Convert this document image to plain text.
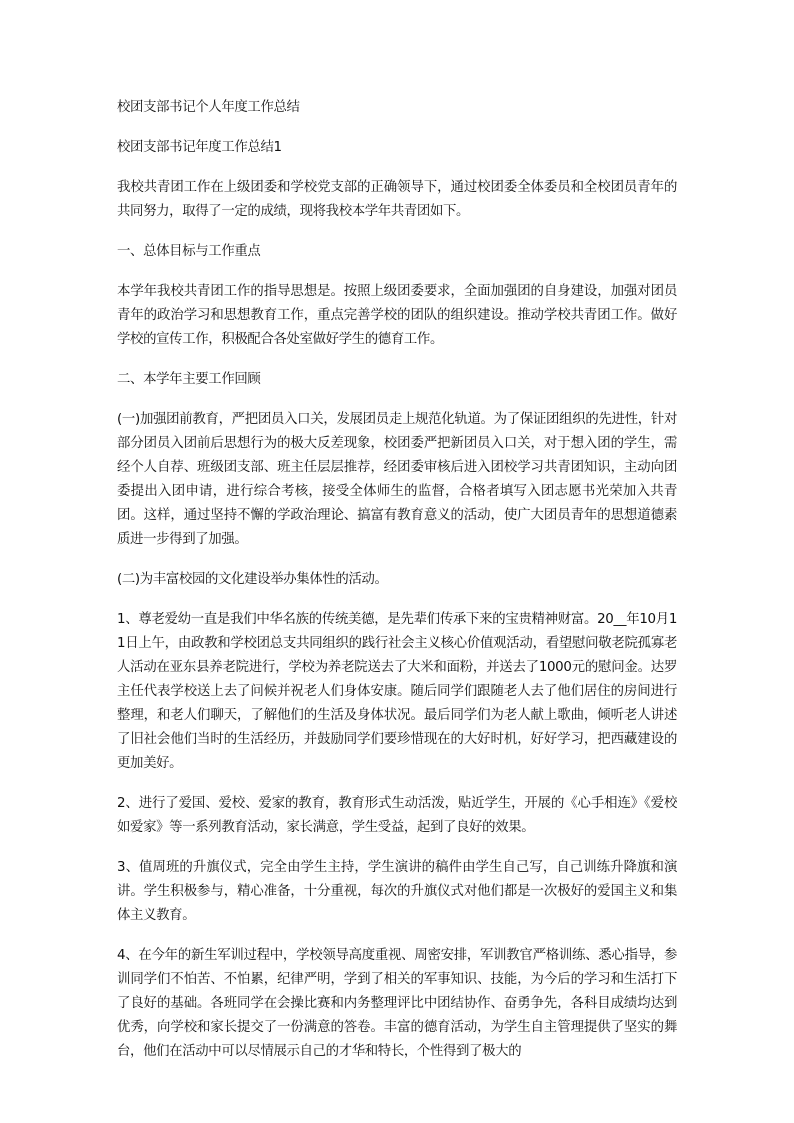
校团支部书记个人年度工作总结

校团支部书记年度工作总结1

我校共青团工作在上级团委和学校党支部的正确领导下，通过校团委全体委员和全校团员青年的共同努力，取得了一定的成绩，现将我校本学年共青团如下。

一、总体目标与工作重点

本学年我校共青团工作的指导思想是。按照上级团委要求，全面加强团的自身建设，加强对团员青年的政治学习和思想教育工作，重点完善学校的团队的组织建设。推动学校共青团工作。做好学校的宣传工作，积极配合各处室做好学生的德育工作。

二、本学年主要工作回顾

(一)加强团前教育，严把团员入口关，发展团员走上规范化轨道。为了保证团组织的先进性，针对部分团员入团前后思想行为的极大反差现象，校团委严把新团员入口关，对于想入团的学生，需经个人自荐、班级团支部、班主任层层推荐，经团委审核后进入团校学习共青团知识，主动向团委提出入团申请，进行综合考核，接受全体师生的监督，合格者填写入团志愿书光荣加入共青团。这样，通过坚持不懈的学政治理论、搞富有教育意义的活动，使广大团员青年的思想道德素质进一步得到了加强。

(二)为丰富校园的文化建设举办集体性的活动。

1、尊老爱幼一直是我们中华名族的传统美德，是先辈们传承下来的宝贵精神财富。20__年10月11日上午，由政教和学校团总支共同组织的践行社会主义核心价值观活动，看望慰问敬老院孤寡老人活动在亚东县养老院进行，学校为养老院送去了大米和面粉，并送去了1000元的慰问金。达罗主任代表学校送上去了问候并祝老人们身体安康。随后同学们跟随老人去了他们居住的房间进行整理，和老人们聊天，了解他们的生活及身体状况。最后同学们为老人献上歌曲，倾听老人讲述了旧社会他们当时的生活经历，并鼓励同学们要珍惜现在的大好时机，好好学习，把西藏建设的更加美好。

2、进行了爱国、爱校、爱家的教育，教育形式生动活泼，贴近学生，开展的《心手相连》《爱校如爱家》等一系列教育活动，家长满意，学生受益，起到了良好的效果。

3、值周班的升旗仪式，完全由学生主持，学生演讲的稿件由学生自己写，自己训练升降旗和演讲。学生积极参与，精心准备，十分重视，每次的升旗仪式对他们都是一次极好的爱国主义和集体主义教育。

4、在今年的新生军训过程中，学校领导高度重视、周密安排，军训教官严格训练、悉心指导，参训同学们不怕苦、不怕累，纪律严明，学到了相关的军事知识、技能，为今后的学习和生活打下了良好的基础。各班同学在会操比赛和内务整理评比中团结协作、奋勇争先，各科目成绩均达到优秀，向学校和家长提交了一份满意的答卷。丰富的德育活动，为学生自主管理提供了坚实的舞台，他们在活动中可以尽情展示自己的才华和特长，个性得到了极大的
